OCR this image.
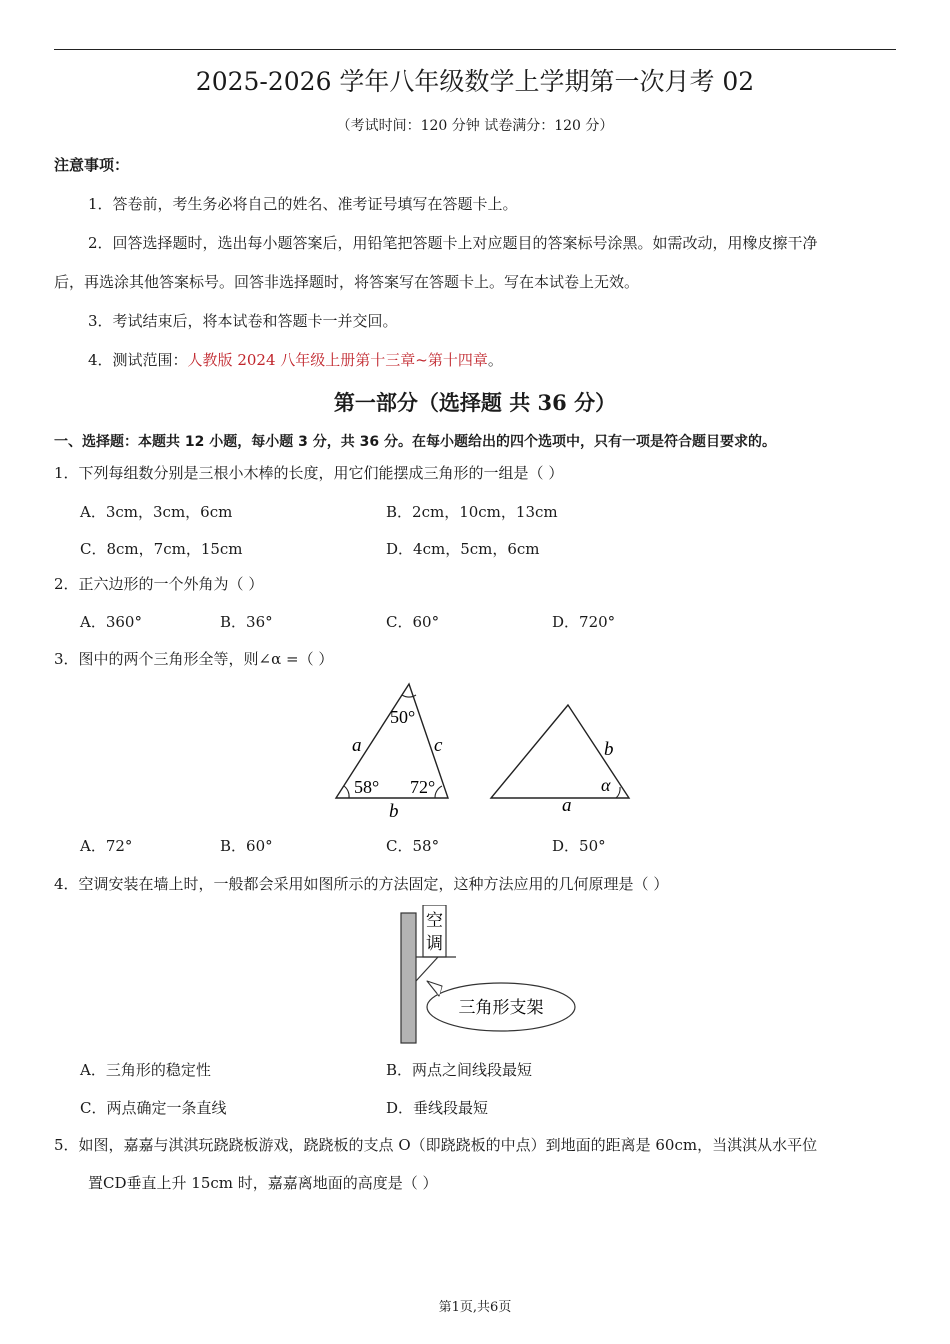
2025-2026 学年八年级数学上学期第一次月考 02
（考试时间：120 分钟 试卷满分：120 分）
注意事项：
1．答卷前，考生务必将自己的姓名、准考证号填写在答题卡上。
2．回答选择题时，选出每小题答案后，用铅笔把答题卡上对应题目的答案标号涂黑。如需改动，用橡皮擦干净
后，再选涂其他答案标号。回答非选择题时，将答案写在答题卡上。写在本试卷上无效。
3．考试结束后，将本试卷和答题卡一并交回。
4．测试范围：人教版 2024 八年级上册第十三章~第十四章。
第一部分（选择题 共 36 分）
一、选择题：本题共 12 小题，每小题 3 分，共 36 分。在每小题给出的四个选项中，只有一项是符合题目要求的。
1．下列每组数分别是三根小木棒的长度，用它们能摆成三角形的一组是（ ）
A．3cm，3cm，6cm	B．2cm，10cm，13cm
C．8cm，7cm，15cm	D．4cm，5cm，6cm
2．正六边形的一个外角为（ ）
A．360°	B．36°	C．60°	D．720°
3．图中的两个三角形全等，则∠α =（ ）
50°
58° 72°
a	c
b
b
a
α
A．72°	B．60°	C．58°	D．50°
4．空调安装在墙上时，一般都会采用如图所示的方法固定，这种方法应用的几何原理是（ ）
空
调
三角形支架
A．三角形的稳定性	B．两点之间线段最短
C．两点确定一条直线	D．垂线段最短
5．如图，嘉嘉与淇淇玩跷跷板游戏，跷跷板的支点 O（即跷跷板的中点）到地面的距离是 60cm，当淇淇从水平位
置CD垂直上升 15cm 时，嘉嘉离地面的高度是（ ）
第1页,共6页
